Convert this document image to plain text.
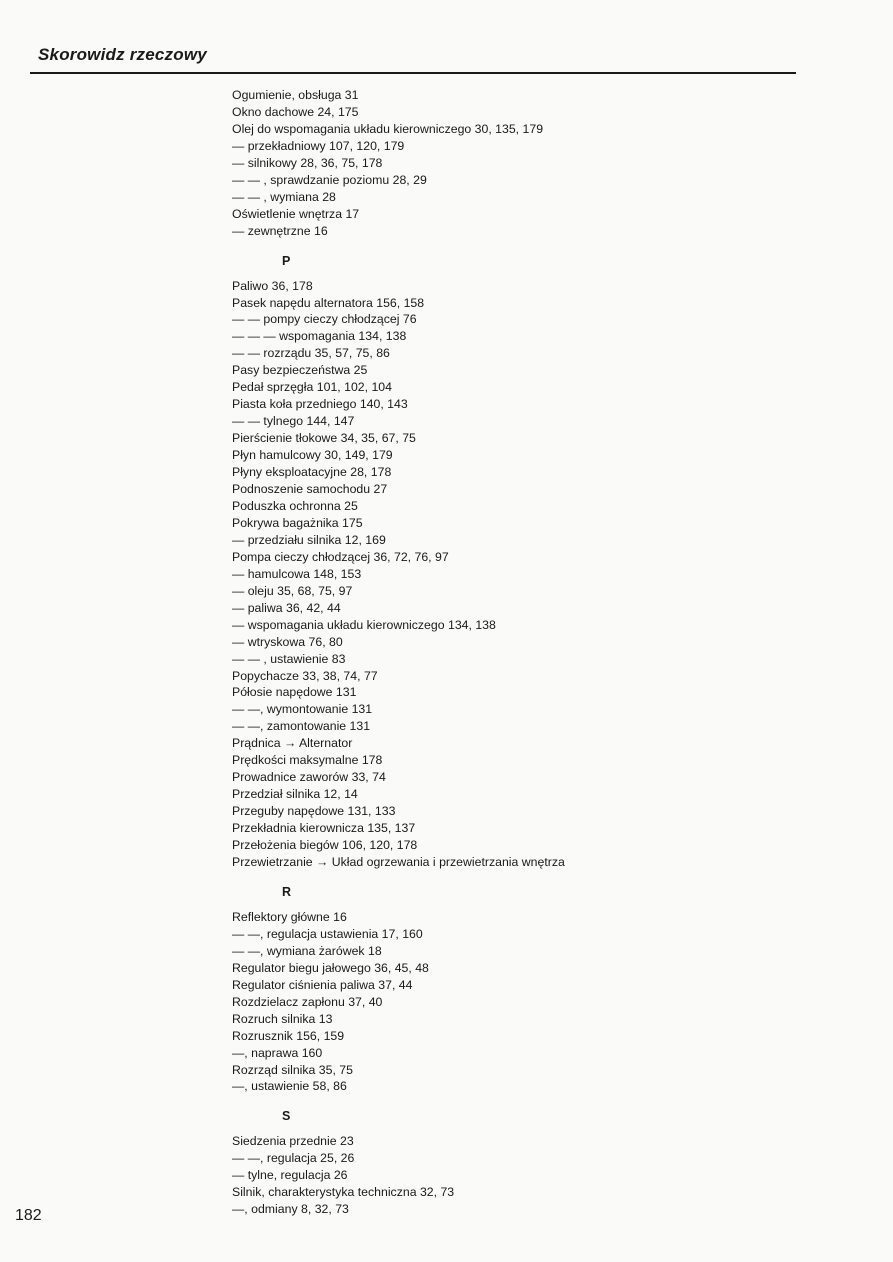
Skorowidz rzeczowy
Ogumienie, obsługa 31
Okno dachowe 24, 175
Olej do wspomagania układu kierowniczego 30, 135, 179
— przekładniowy 107, 120, 179
— silnikowy 28, 36, 75, 178
— — , sprawdzanie poziomu 28, 29
— — , wymiana 28
Oświetlenie wnętrza 17
— zewnętrzne 16
P
Paliwo 36, 178
Pasek napędu alternatora 156, 158
— — pompy cieczy chłodzącej 76
— — — wspomagania 134, 138
— — rozrządu 35, 57, 75, 86
Pasy bezpieczeństwa 25
Pedał sprzęgła 101, 102, 104
Piasta koła przedniego 140, 143
— — tylnego 144, 147
Pierścienie tłokowe 34, 35, 67, 75
Płyn hamulcowy 30, 149, 179
Płyny eksploatacyjne 28, 178
Podnoszenie samochodu 27
Poduszka ochronna 25
Pokrywa bagażnika 175
— przedziału silnika 12, 169
Pompa cieczy chłodzącej 36, 72, 76, 97
— hamulcowa 148, 153
— oleju 35, 68, 75, 97
— paliwa 36, 42, 44
— wspomagania układu kierowniczego 134, 138
— wtryskowa 76, 80
— — , ustawienie 83
Popychacze 33, 38, 74, 77
Półosie napędowe 131
— —, wymontowanie 131
— —, zamontowanie 131
Prądnica → Alternator
Prędkości maksymalne 178
Prowadnice zaworów 33, 74
Przedział silnika 12, 14
Przeguby napędowe 131, 133
Przekładnia kierownicza 135, 137
Przełożenia biegów 106, 120, 178
Przewietrzanie → Układ ogrzewania i przewietrzania wnętrza
R
Reflektory główne 16
— —, regulacja ustawienia 17, 160
— —, wymiana żarówek 18
Regulator biegu jałowego 36, 45, 48
Regulator ciśnienia paliwa 37, 44
Rozdzielacz zapłonu 37, 40
Rozruch silnika 13
Rozrusznik 156, 159
—, naprawa 160
Rozrząd silnika 35, 75
—, ustawienie 58, 86
S
Siedzenia przednie 23
— —, regulacja 25, 26
— tylne, regulacja 26
Silnik, charakterystyka techniczna 32, 73
—, odmiany 8, 32, 73
182
